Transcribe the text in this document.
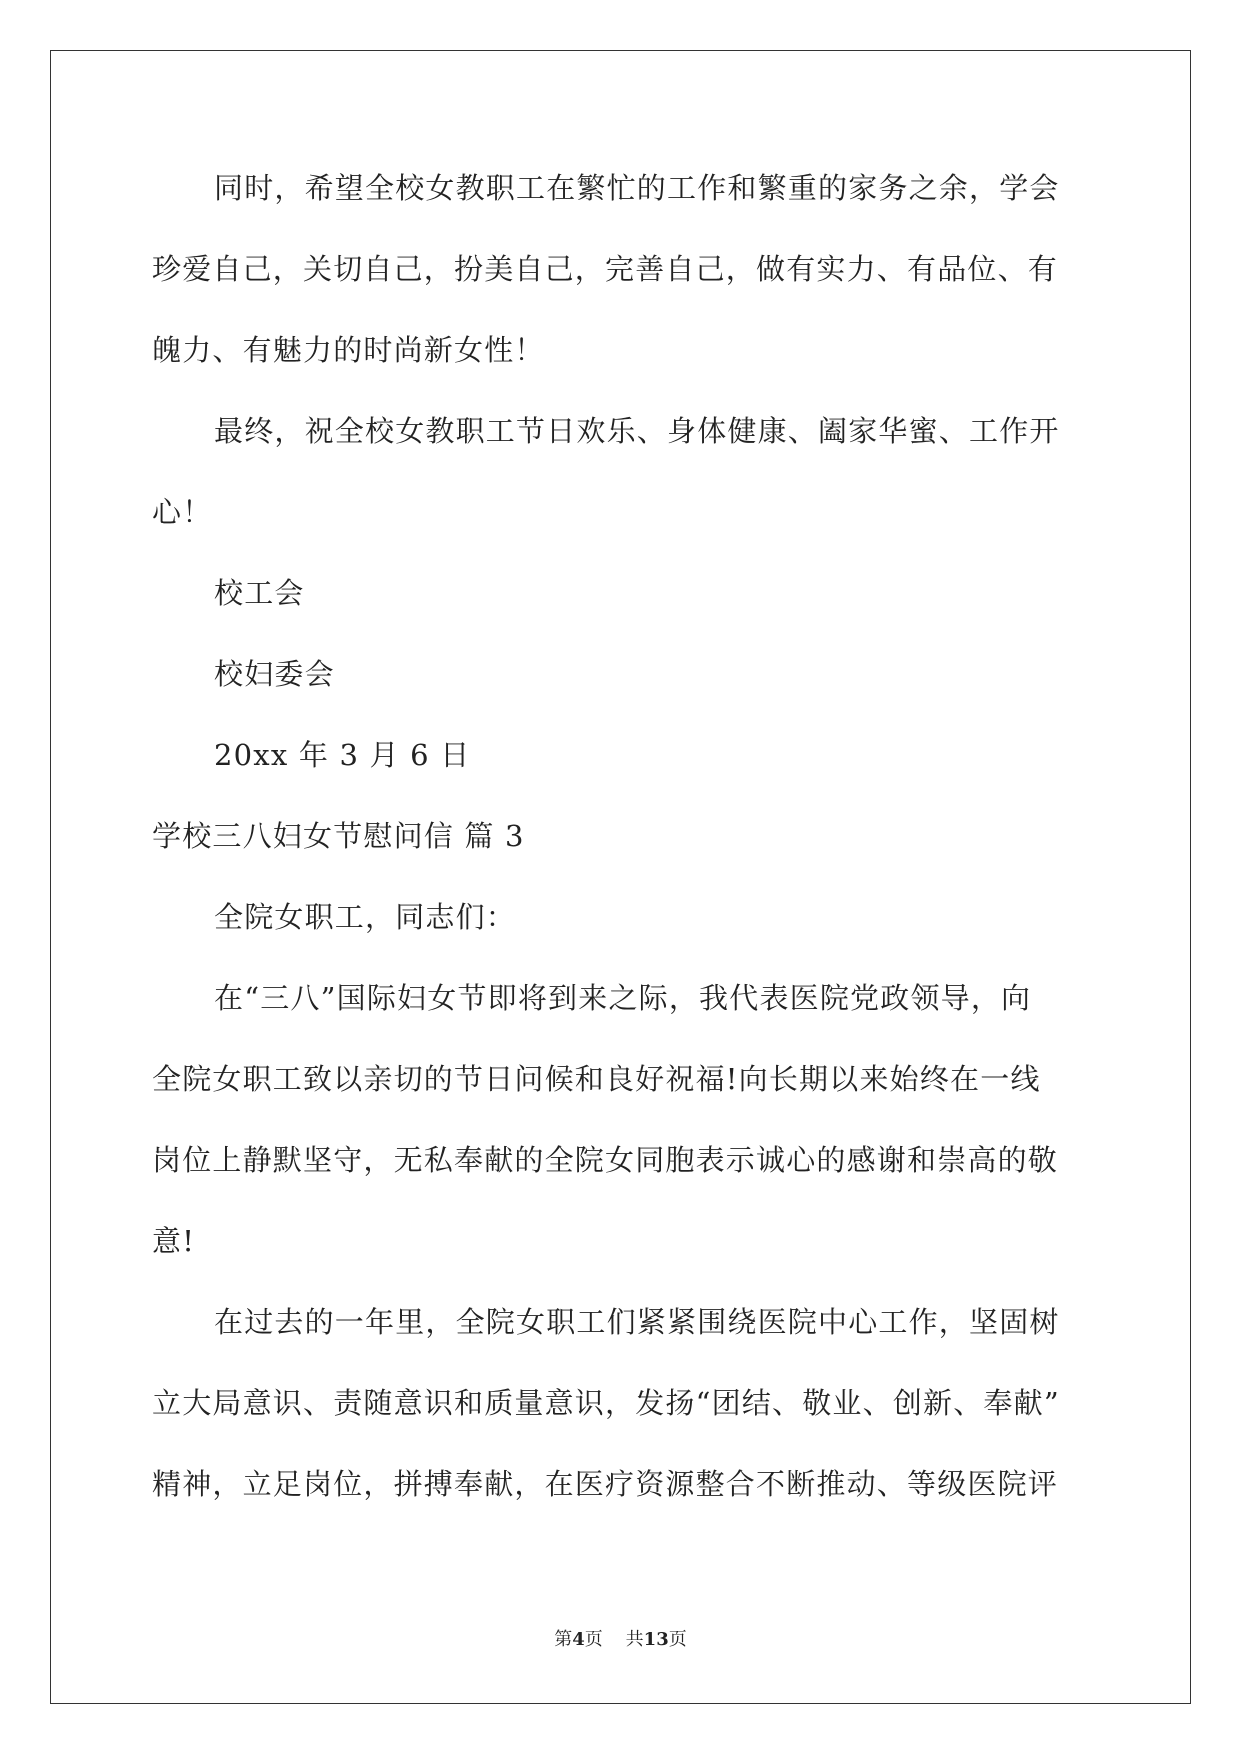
同时，希望全校女教职工在繁忙的工作和繁重的家务之余，学会

珍爱自己，关切自己，扮美自己，完善自己，做有实力、有品位、有

魄力、有魅力的时尚新女性！

最终，祝全校女教职工节日欢乐、身体健康、阖家华蜜、工作开

心！

校工会

校妇委会

20xx 年 3 月 6 日

学校三八妇女节慰问信 篇 3

全院女职工，同志们：

在“三八”国际妇女节即将到来之际，我代表医院党政领导，向

全院女职工致以亲切的节日问候和良好祝福!向长期以来始终在一线

岗位上静默坚守，无私奉献的全院女同胞表示诚心的感谢和崇高的敬

意!

在过去的一年里，全院女职工们紧紧围绕医院中心工作，坚固树

立大局意识、责随意识和质量意识，发扬“团结、敬业、创新、奉献”

精神，立足岗位，拼搏奉献，在医疗资源整合不断推动、等级医院评

第4页 共13页
